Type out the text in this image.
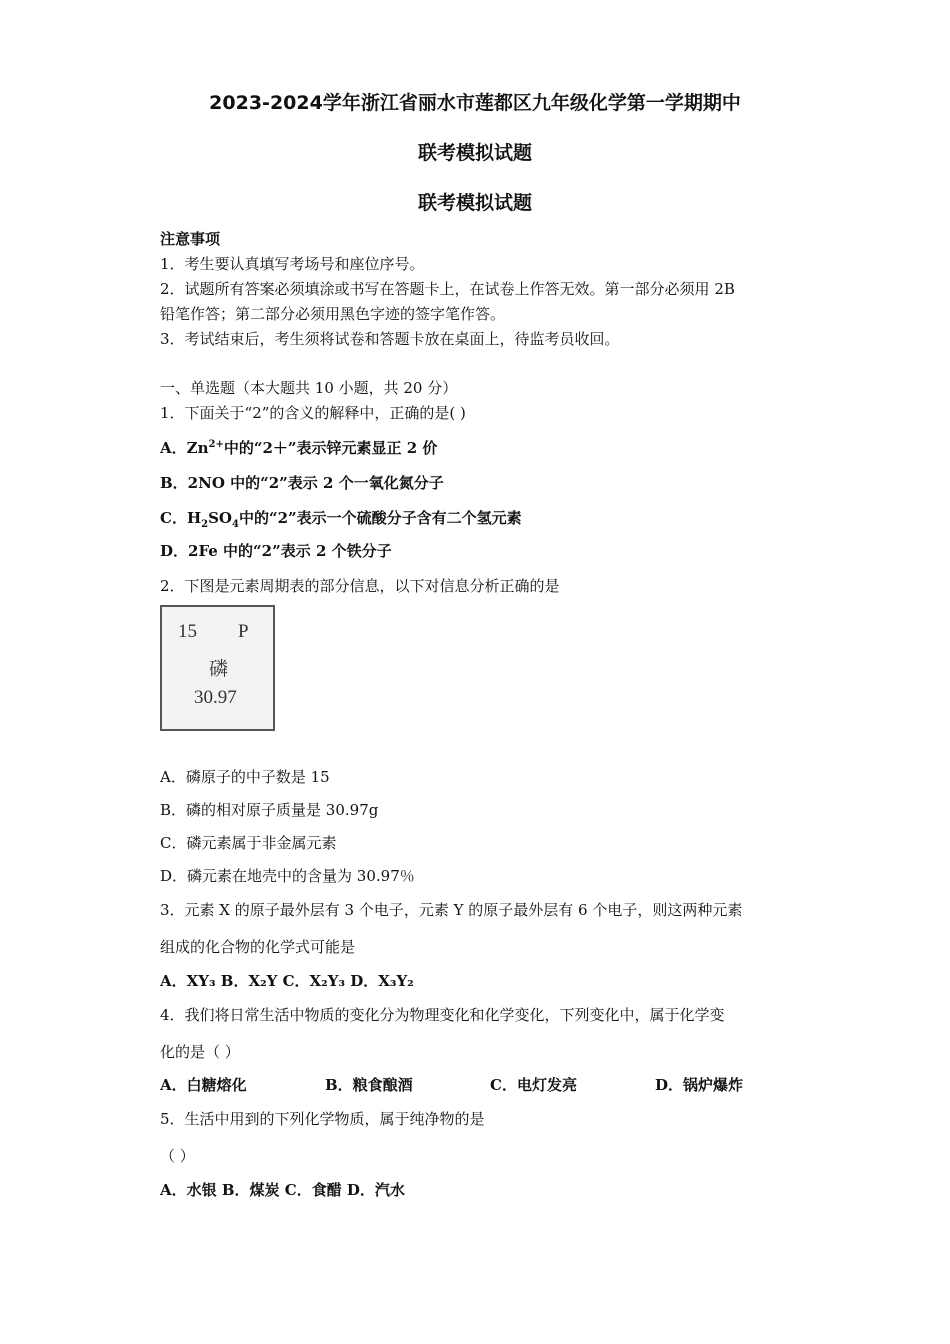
2023-2024学年浙江省丽水市莲都区九年级化学第一学期期中
联考模拟试题
联考模拟试题
注意事项
1．考生要认真填写考场号和座位序号。
2．试题所有答案必须填涂或书写在答题卡上，在试卷上作答无效。第一部分必须用 2B
铅笔作答；第二部分必须用黑色字迹的签字笔作答。
3．考试结束后，考生须将试卷和答题卡放在桌面上，待监考员收回。
一、单选题（本大题共 10 小题，共 20 分）
1．下面关于“2”的含义的解释中，正确的是( )
A．$Zn^{2+}$中的“2＋”表示锌元素显正 2 价
B．2NO 中的“2”表示 2 个一氧化氮分子
C．$H_2SO_4$中的“2”表示一个硫酸分子含有二个氢元素
D．2Fe 中的“2”表示 2 个铁分子
2．下图是元素周期表的部分信息，以下对信息分析正确的是
15 P
磷
30.97
A．磷原子的中子数是 15
B．磷的相对原子质量是 30.97g
C．磷元素属于非金属元素
D．磷元素在地壳中的含量为 30.97％
3．元素 X 的原子最外层有 3 个电子，元素 Y 的原子最外层有 6 个电子，则这两种元素
组成的化合物的化学式可能是
A．XY₃ B．X₂Y C．X₂Y₃ D．X₃Y₂
4．我们将日常生活中物质的变化分为物理变化和化学变化，下列变化中，属于化学变
化的是（ ）
A．白糖熔化	B．粮食酿酒	C．电灯发亮	D．锅炉爆炸
5．生活中用到的下列化学物质，属于纯净物的是
（ ）
A．水银 B．煤炭 C．食醋 D．汽水
